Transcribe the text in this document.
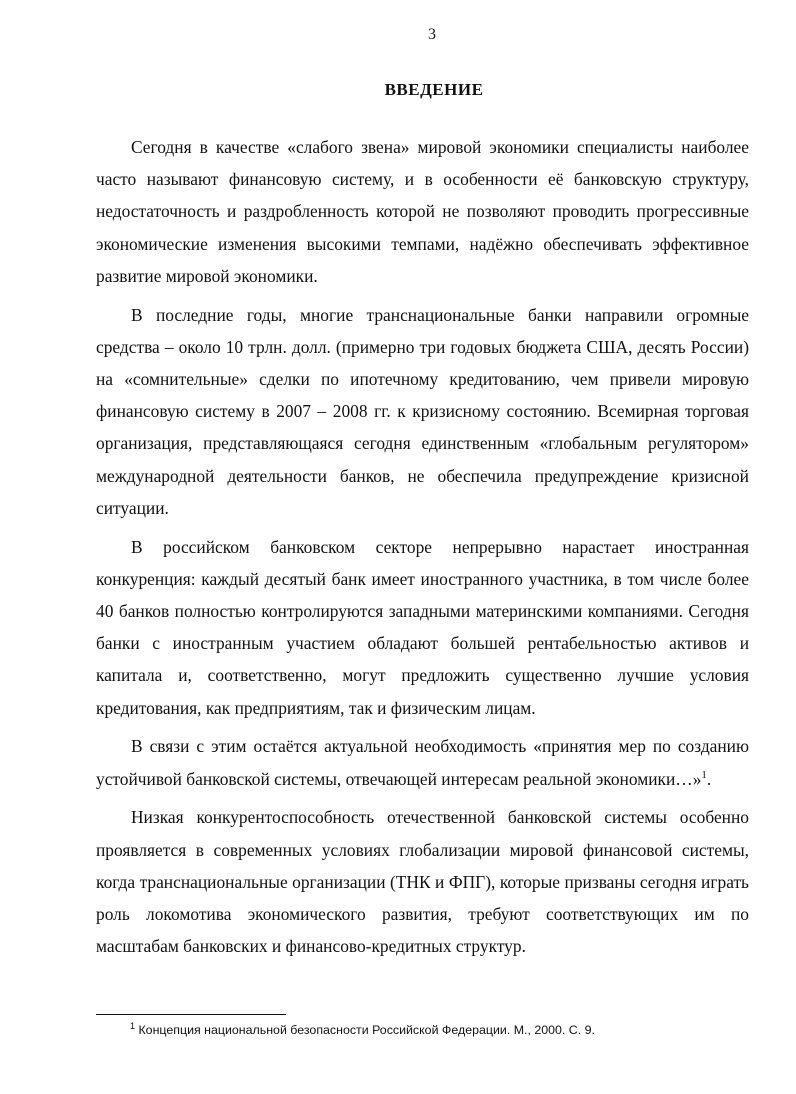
3
ВВЕДЕНИЕ

Сегодня в качестве «слабого звена» мировой экономики специалисты наиболее часто называют финансовую систему, и в особенности её банковскую структуру, недостаточность и раздробленность которой не позволяют проводить прогрессивные экономические изменения высокими темпами, надёжно обеспечивать эффективное развитие мировой экономики.

В последние годы, многие транснациональные банки направили огромные средства – около 10 трлн. долл. (примерно три годовых бюджета США, десять России) на «сомнительные» сделки по ипотечному кредитованию, чем привели мировую финансовую систему в 2007 – 2008 гг. к кризисному состоянию. Всемирная торговая организация, представляющаяся сегодня единственным «глобальным регулятором» международной деятельности банков, не обеспечила предупреждение кризисной ситуации.

В российском банковском секторе непрерывно нарастает иностранная конкуренция: каждый десятый банк имеет иностранного участника, в том числе более 40 банков полностью контролируются западными материнскими компаниями. Сегодня банки с иностранным участием обладают большей рентабельностью активов и капитала и, соответственно, могут предложить существенно лучшие условия кредитования, как предприятиям, так и физическим лицам.

В связи с этим остаётся актуальной необходимость «принятия мер по созданию устойчивой банковской системы, отвечающей интересам реальной экономики…»$^1$.

Низкая конкурентоспособность отечественной банковской системы особенно проявляется в современных условиях глобализации мировой финансовой системы, когда транснациональные организации (ТНК и ФПГ), которые призваны сегодня играть роль локомотива экономического развития, требуют соответствующих им по масштабам банковских и финансово-кредитных структур.

$^1$ Концепция национальной безопасности Российской Федерации. М., 2000. С. 9.
